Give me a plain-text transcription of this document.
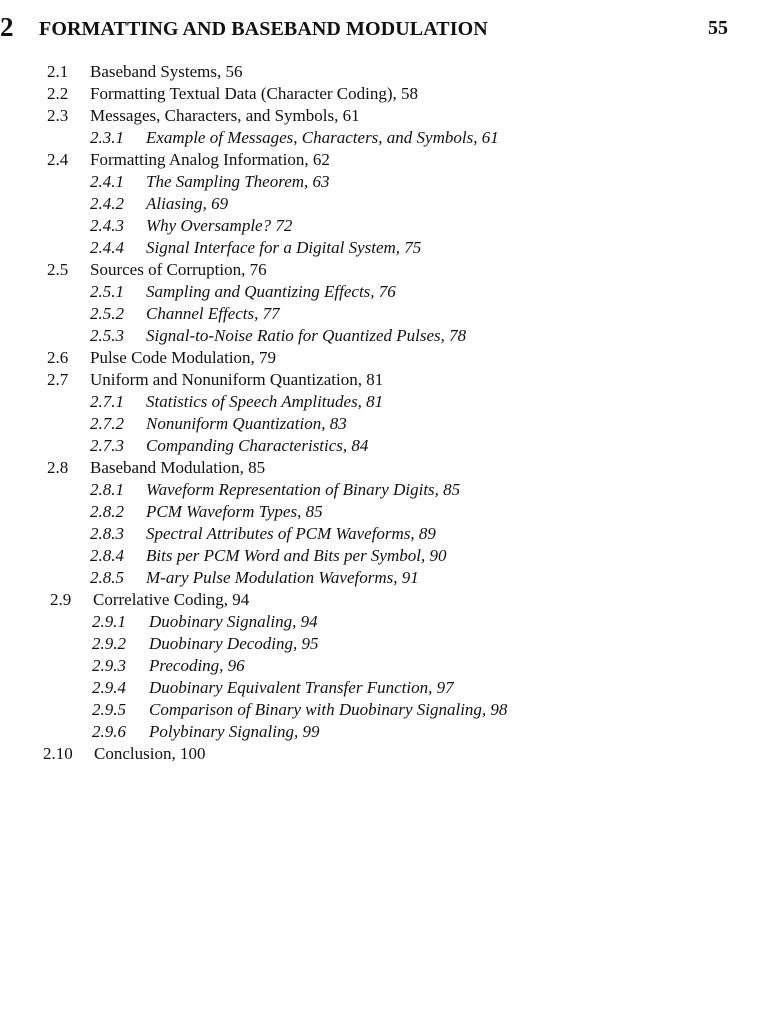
2 FORMATTING AND BASEBAND MODULATION	55
2.1 Baseband Systems, 56
2.2 Formatting Textual Data (Character Coding), 58
2.3 Messages, Characters, and Symbols, 61
2.3.1 Example of Messages, Characters, and Symbols, 61
2.4 Formatting Analog Information, 62
2.4.1 The Sampling Theorem, 63
2.4.2 Aliasing, 69
2.4.3 Why Oversample? 72
2.4.4 Signal Interface for a Digital System, 75
2.5 Sources of Corruption, 76
2.5.1 Sampling and Quantizing Effects, 76
2.5.2 Channel Effects, 77
2.5.3 Signal-to-Noise Ratio for Quantized Pulses, 78
2.6 Pulse Code Modulation, 79
2.7 Uniform and Nonuniform Quantization, 81
2.7.1 Statistics of Speech Amplitudes, 81
2.7.2 Nonuniform Quantization, 83
2.7.3 Companding Characteristics, 84
2.8 Baseband Modulation, 85
2.8.1 Waveform Representation of Binary Digits, 85
2.8.2 PCM Waveform Types, 85
2.8.3 Spectral Attributes of PCM Waveforms, 89
2.8.4 Bits per PCM Word and Bits per Symbol, 90
2.8.5 M-ary Pulse Modulation Waveforms, 91
2.9 Correlative Coding, 94
2.9.1 Duobinary Signaling, 94
2.9.2 Duobinary Decoding, 95
2.9.3 Precoding, 96
2.9.4 Duobinary Equivalent Transfer Function, 97
2.9.5 Comparison of Binary with Duobinary Signaling, 98
2.9.6 Polybinary Signaling, 99
2.10 Conclusion, 100
